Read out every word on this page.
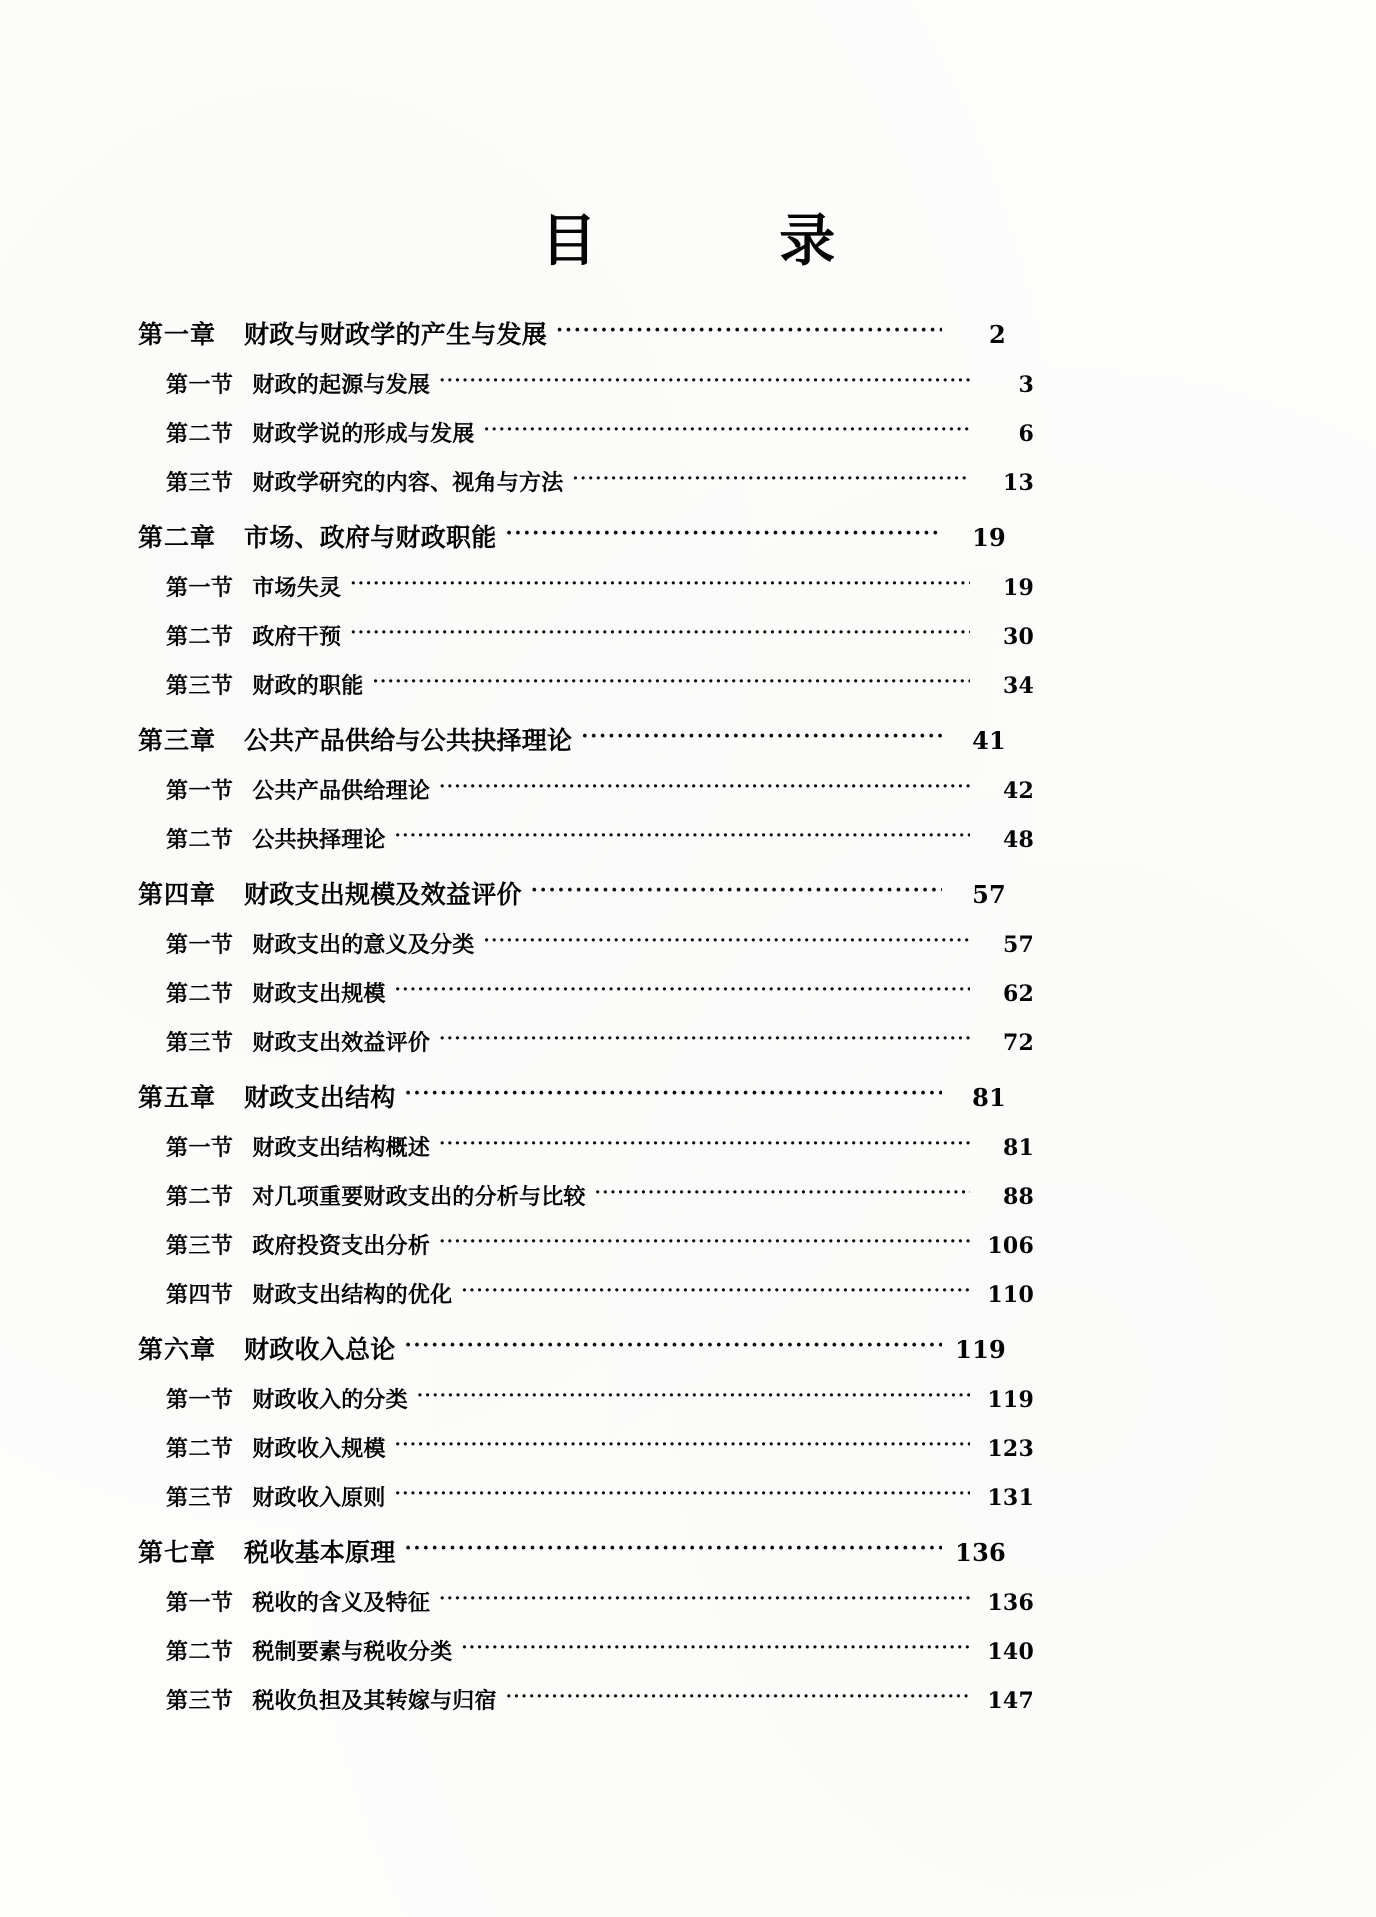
目　　录
第一章 财政与财政学的产生与发展 ·····	2
第一节 财政的起源与发展 ·····	3
第二节 财政学说的形成与发展 ·····	6
第三节 财政学研究的内容、视角与方法 ·····	13
第二章 市场、政府与财政职能 ·····	19
第一节 市场失灵 ·····	19
第二节 政府干预 ·····	30
第三节 财政的职能 ·····	34
第三章 公共产品供给与公共抉择理论 ·····	41
第一节 公共产品供给理论 ·····	42
第二节 公共抉择理论 ·····	48
第四章 财政支出规模及效益评价 ·····	57
第一节 财政支出的意义及分类 ·····	57
第二节 财政支出规模 ·····	62
第三节 财政支出效益评价 ·····	72
第五章 财政支出结构 ·····	81
第一节 财政支出结构概述 ·····	81
第二节 对几项重要财政支出的分析与比较 ·····	88
第三节 政府投资支出分析 ·····	106
第四节 财政支出结构的优化 ·····	110
第六章 财政收入总论 ·····	119
第一节 财政收入的分类 ·····	119
第二节 财政收入规模 ·····	123
第三节 财政收入原则 ·····	131
第七章 税收基本原理 ·····	136
第一节 税收的含义及特征 ·····	136
第二节 税制要素与税收分类 ·····	140
第三节 税收负担及其转嫁与归宿 ·····	147
